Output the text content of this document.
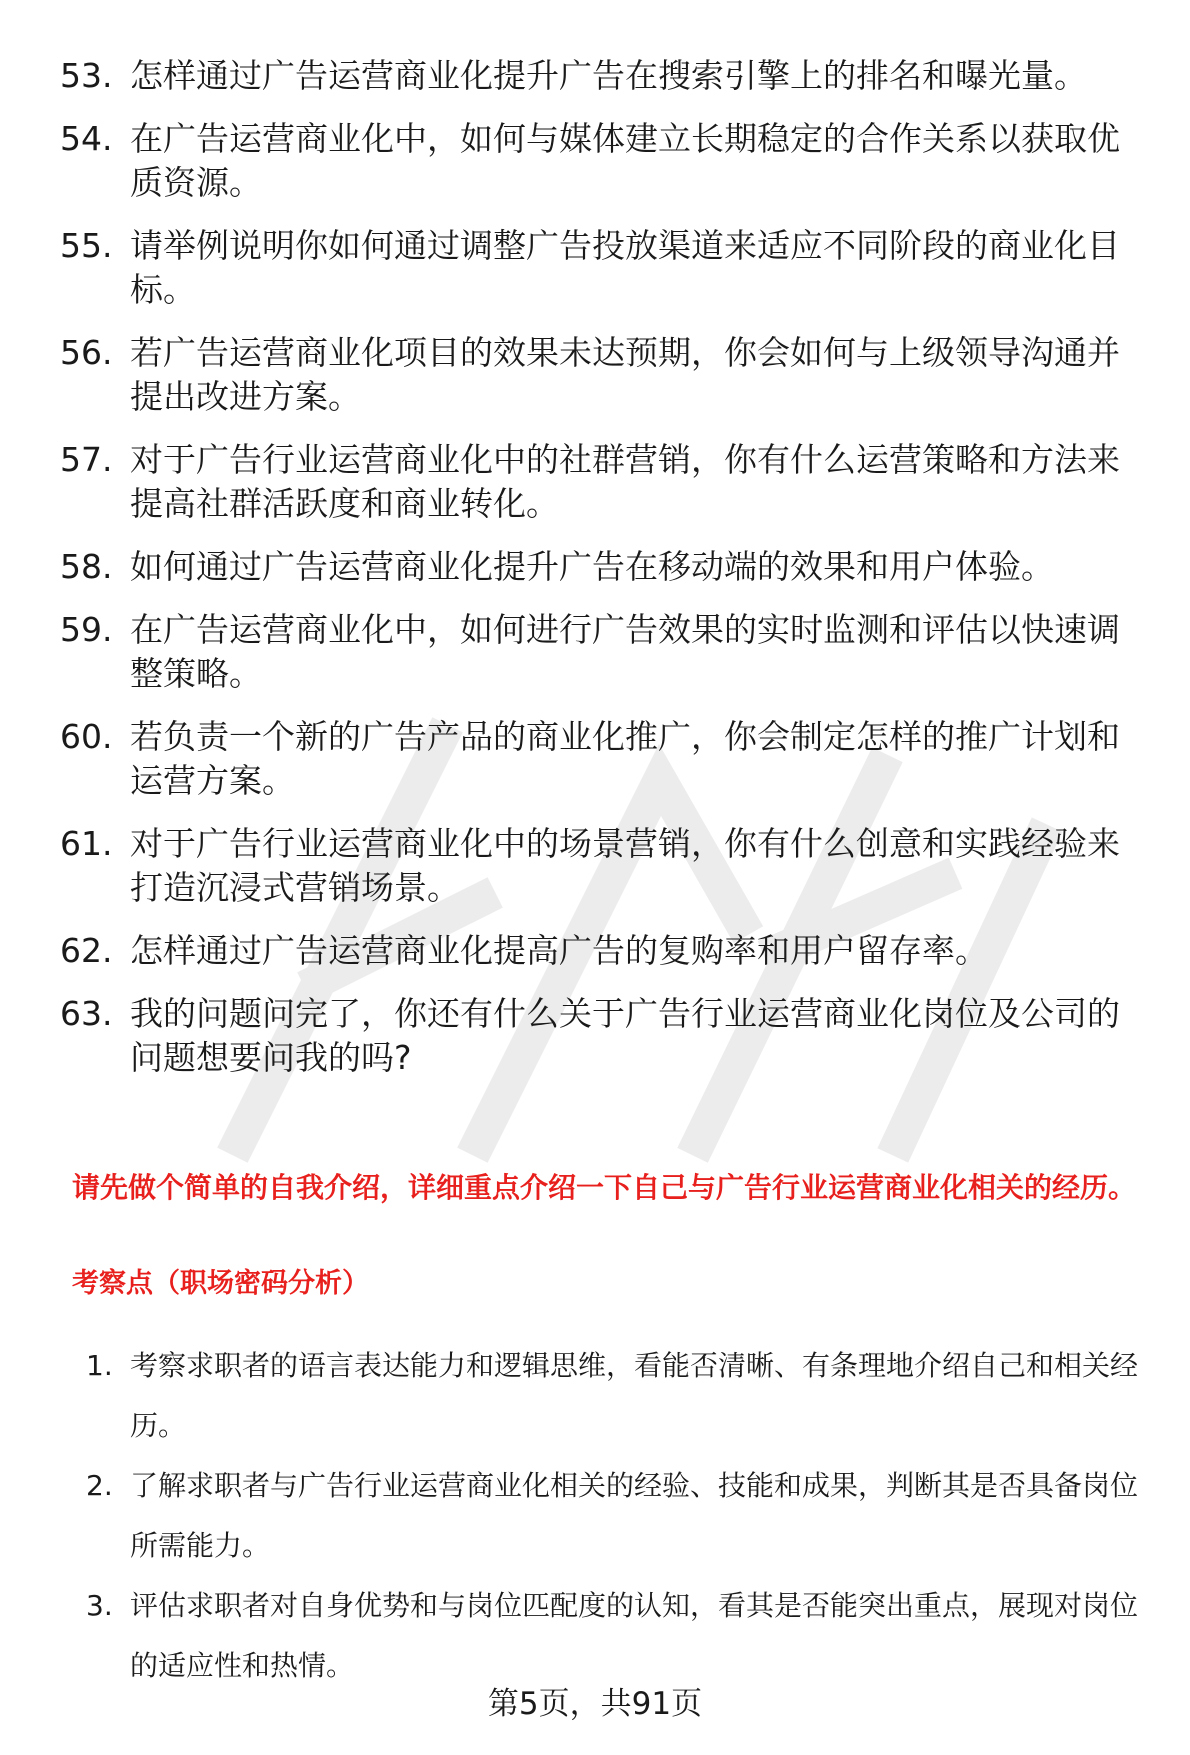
53. 怎样通过广告运营商业化提升广告在搜索引擎上的排名和曝光量。
54. 在广告运营商业化中，如何与媒体建立长期稳定的合作关系以获取优质资源。
55. 请举例说明你如何通过调整广告投放渠道来适应不同阶段的商业化目标。
56. 若广告运营商业化项目的效果未达预期，你会如何与上级领导沟通并提出改进方案。
57. 对于广告行业运营商业化中的社群营销，你有什么运营策略和方法来提高社群活跃度和商业转化。
58. 如何通过广告运营商业化提升广告在移动端的效果和用户体验。
59. 在广告运营商业化中，如何进行广告效果的实时监测和评估以快速调整策略。
60. 若负责一个新的广告产品的商业化推广，你会制定怎样的推广计划和运营方案。
61. 对于广告行业运营商业化中的场景营销，你有什么创意和实践经验来打造沉浸式营销场景。
62. 怎样通过广告运营商业化提高广告的复购率和用户留存率。
63. 我的问题问完了，你还有什么关于广告行业运营商业化岗位及公司的问题想要问我的吗?

请先做个简单的自我介绍，详细重点介绍一下自己与广告行业运营商业化相关的经历。

考察点（职场密码分析）

1. 考察求职者的语言表达能力和逻辑思维，看能否清晰、有条理地介绍自己和相关经历。
2. 了解求职者与广告行业运营商业化相关的经验、技能和成果，判断其是否具备岗位所需能力。
3. 评估求职者对自身优势和与岗位匹配度的认知，看其是否能突出重点，展现对岗位的适应性和热情。
第5页，共91页
